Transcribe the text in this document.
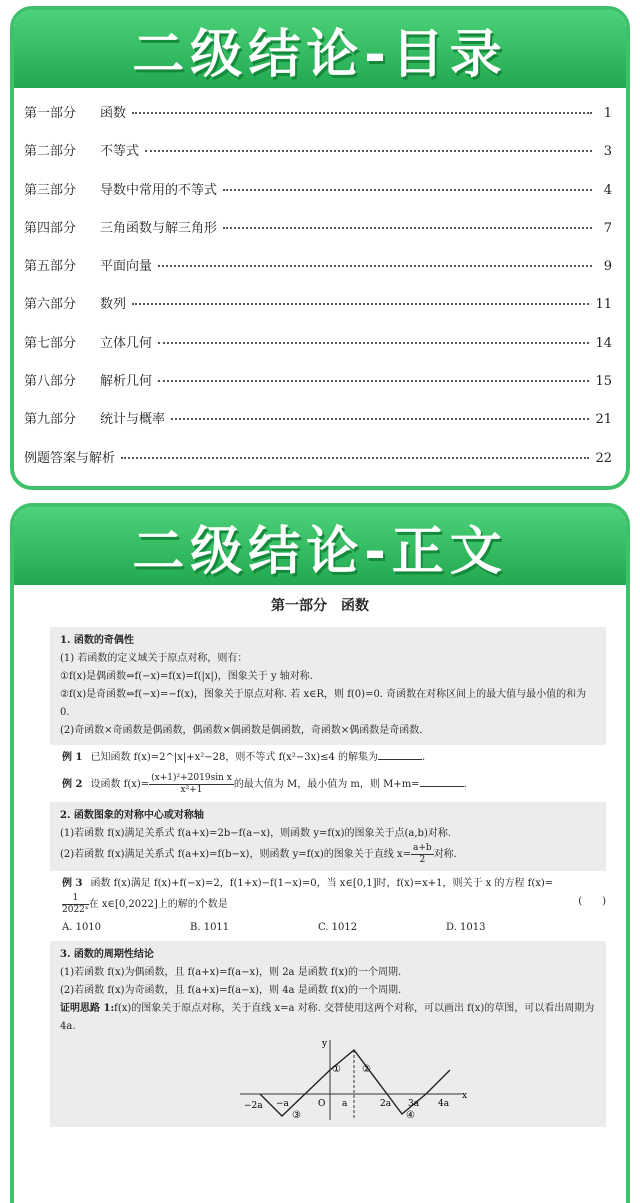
二级结论-目录
第一部分	函数	1
第二部分	不等式	3
第三部分	导数中常用的不等式	4
第四部分	三角函数与解三角形	7
第五部分	平面向量	9
第六部分	数列	11
第七部分	立体几何	14
第八部分	解析几何	15
第九部分	统计与概率	21
例题答案与解析	22
二级结论-正文
第一部分　函数
1. 函数的奇偶性
(1) 若函数的定义域关于原点对称，则有：
①f(x)是偶函数⇔f(−x)=f(x)=f(|x|)，图象关于 y 轴对称.
②f(x)是奇函数⇔f(−x)=−f(x)，图象关于原点对称. 若 x∈R，则 f(0)=0. 奇函数在对称区间上的最大值与最小值的和为 0.
(2)奇函数×奇函数是偶函数，偶函数×偶函数是偶函数，奇函数×偶函数是奇函数.
例 1 已知函数 f(x)=2^|x|+x²−28，则不等式 f(x²−3x)≤4 的解集为	.
例 2 设函数 $f(x)= \frac{\text{(x+1)²+2019sin x}}{\text{x²+1}}$ 的最大值为 M，最小值为 m，则 M+m=	.
2. 函数图象的对称中心或对称轴
(1)若函数 f(x)满足关系式 f(a+x)=2b−f(a−x)，则函数 y=f(x)的图象关于点(a,b)对称.
(2)若函数 f(x)满足关系式 f(a+x)=f(b−x)，则函数 y=f(x)的图象关于直线 $x= \frac{a+b}{2}$ 对称.
例 3 函数 f(x)满足 f(x)+f(−x)=2，f(1+x)−f(1−x)=0，当 x∈[0,1]时，f(x)=x+1，则关于 x 的方程 f(x)=

$\frac{1}{\text{2022ˣ}}$ 在 x∈[0,2022]上的解的个数是	(　　)
A. 1010	B. 1011	C. 1012	D. 1013
3. 函数的周期性结论
(1)若函数 f(x)为偶函数，且 f(a+x)=f(a−x)，则 2a 是函数 f(x)的一个周期.
(2)若函数 f(x)为奇函数，且 f(a+x)=f(a−x)，则 4a 是函数 f(x)的一个周期.
证明思路 1:f(x)的图象关于原点对称，关于直线 x=a 对称. 交替使用这两个对称，可以画出 f(x)的草图，可以看出周期为 4a.
−2a −a	O a	2a 3a 4a
x
y
① ②
③	④
